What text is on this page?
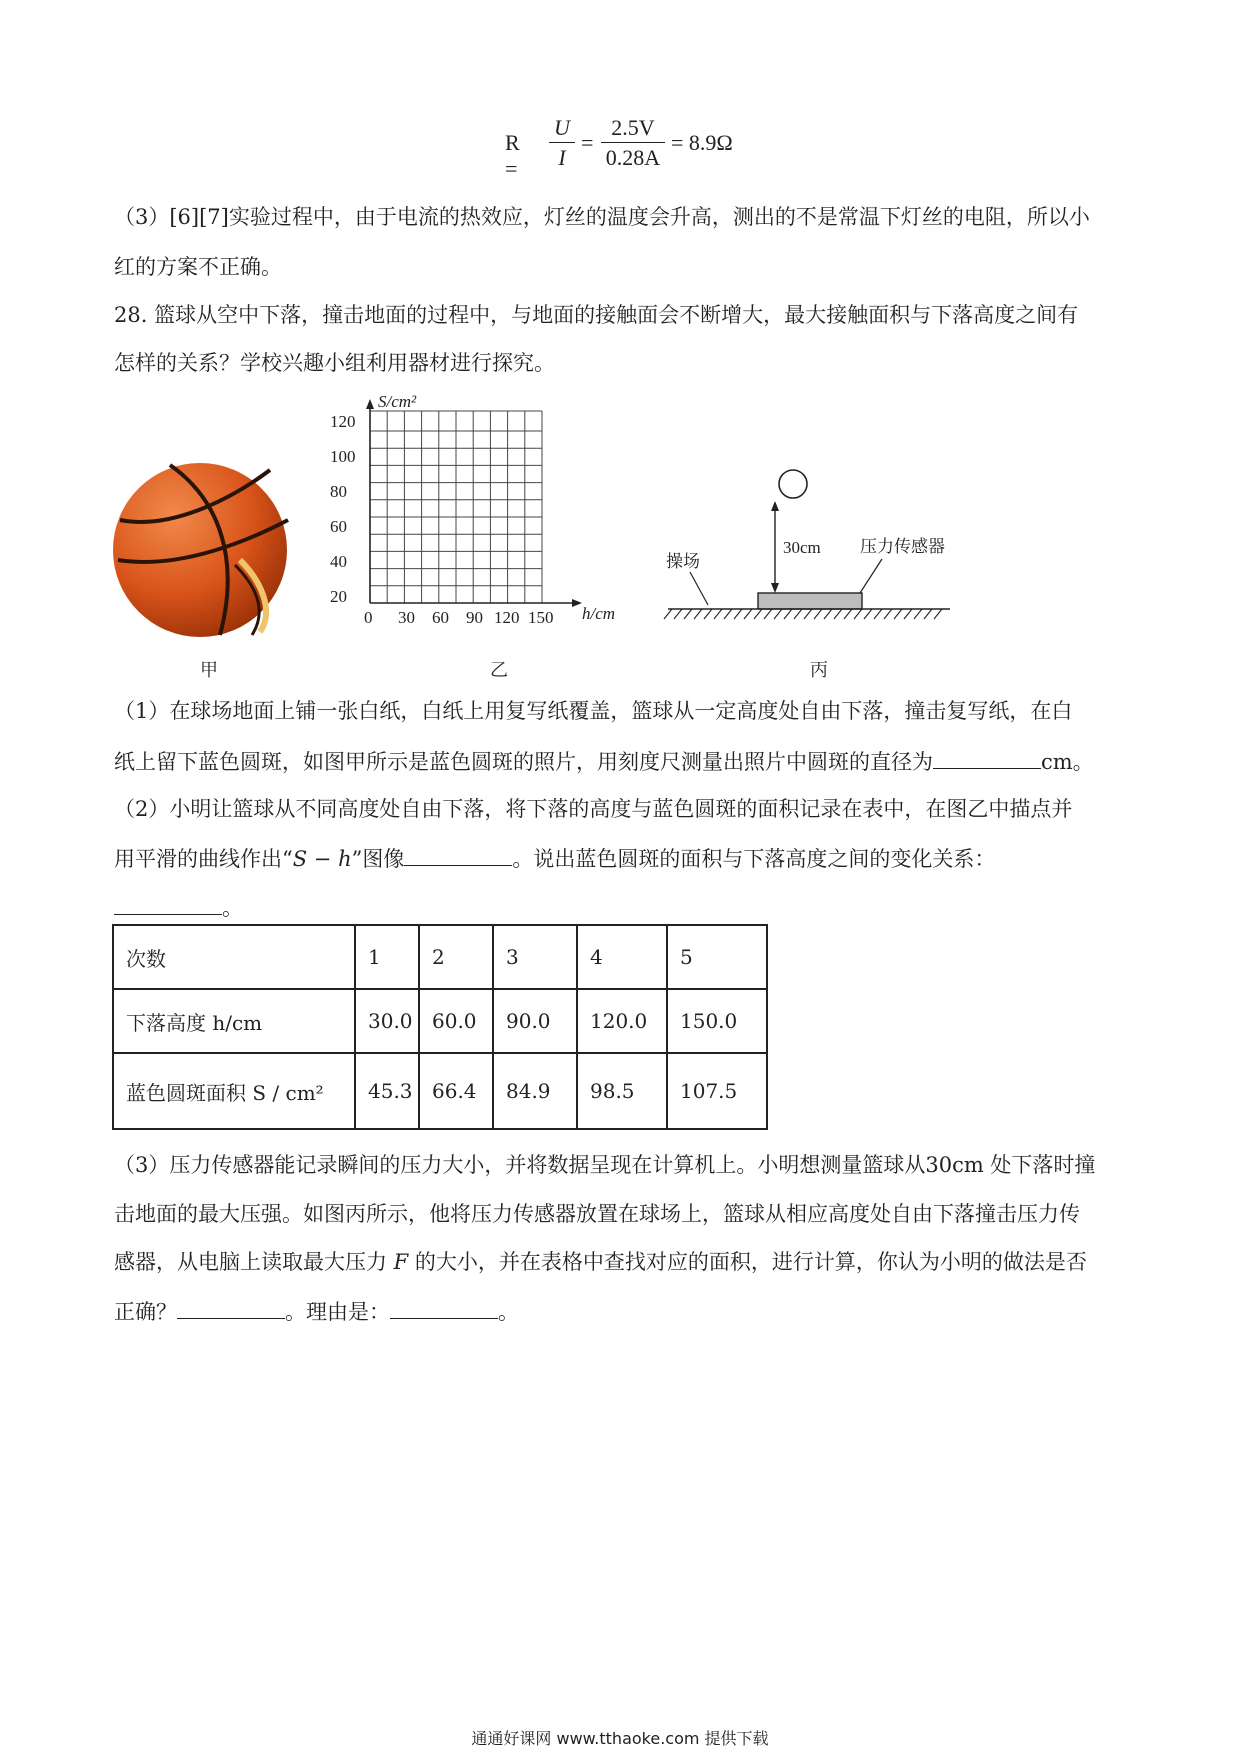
$R = \frac{U}{I} = \frac{2.5V}{0.28A} = 8.9\Omega$
（3）[6][7]实验过程中，由于电流的热效应，灯丝的温度会升高，测出的不是常温下灯丝的电阻，所以小
红的方案不正确。
28. 篮球从空中下落，撞击地面的过程中，与地面的接触面会不断增大，最大接触面积与下落高度之间有
怎样的关系？学校兴趣小组利用器材进行探究。
甲
S/cm²
h/cm
120
100
80
60
40
20
0 30 60 90 120 150
乙
30cm 压力传感器
操场
丙
（1）在球场地面上铺一张白纸，白纸上用复写纸覆盖，篮球从一定高度处自由下落，撞击复写纸，在白
纸上留下蓝色圆斑，如图甲所示是蓝色圆斑的照片，用刻度尺测量出照片中圆斑的直径为	cm。
（2）小明让篮球从不同高度处自由下落，将下落的高度与蓝色圆斑的面积记录在表中，在图乙中描点并
用平滑的曲线作出“S − h”图像	。说出蓝色圆斑的面积与下落高度之间的变化关系：
。
次数	1	2	3	4	5
下落高度 h/cm	30.0	60.0	90.0	120.0	150.0
蓝色圆斑面积 S / cm²	45.3	66.4	84.9	98.5	107.5
（3）压力传感器能记录瞬间的压力大小，并将数据呈现在计算机上。小明想测量篮球从30cm 处下落时撞
击地面的最大压强。如图丙所示，他将压力传感器放置在球场上，篮球从相应高度处自由下落撞击压力传
感器，从电脑上读取最大压力 F 的大小，并在表格中查找对应的面积，进行计算，你认为小明的做法是否
正确？	。理由是：	。
通通好课网 www.tthaoke.com 提供下载
